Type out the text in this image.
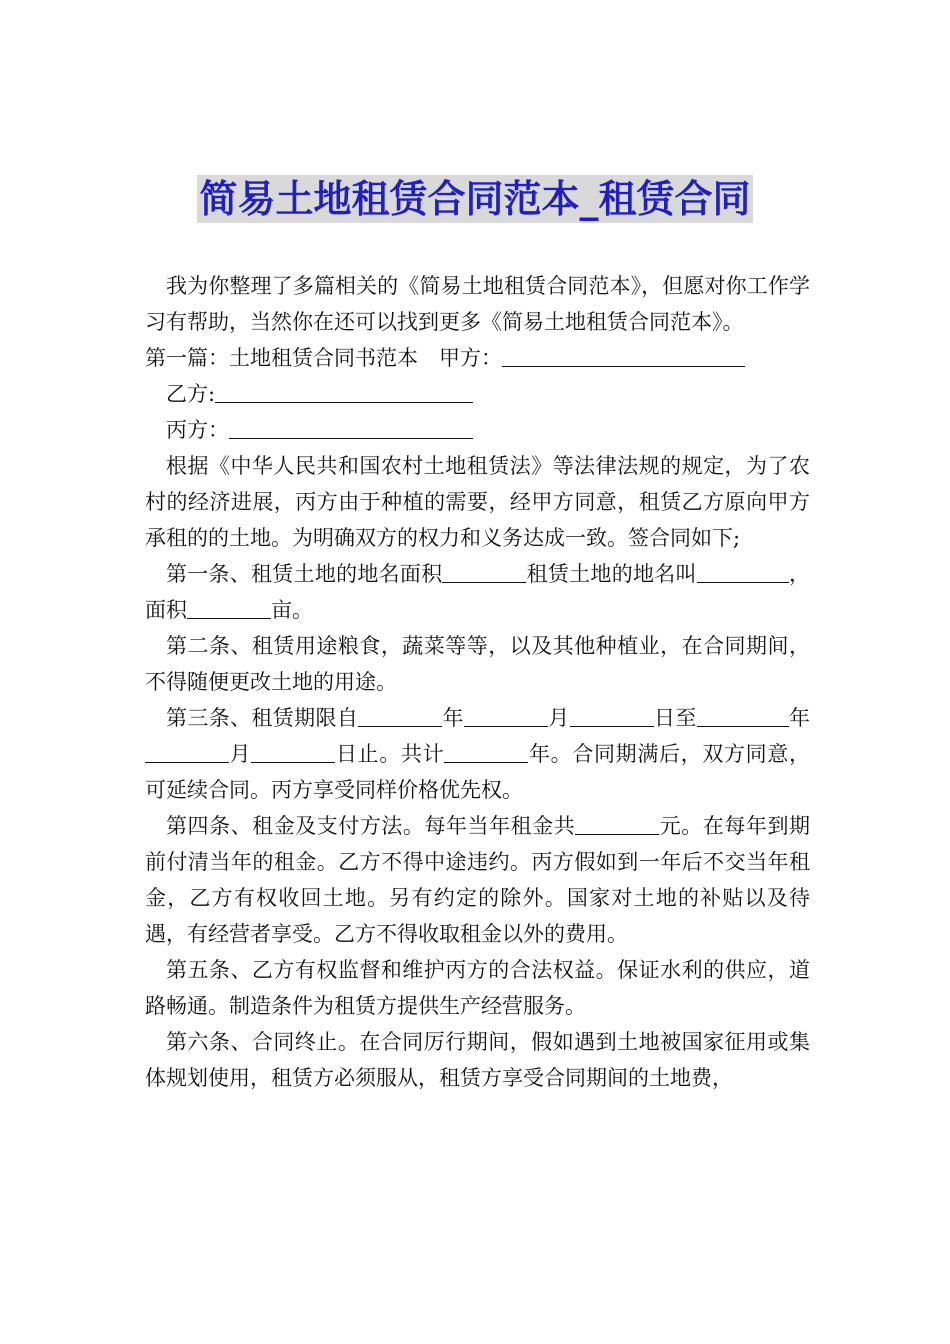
简易土地租赁合同范本_租赁合同

我为你整理了多篇相关的《简易土地租赁合同范本》，但愿对你工作学习有帮助，当然你在还可以找到更多《简易土地租赁合同范本》。

第一篇：土地租赁合同书范本　 甲方：

乙方:

丙方：

根据《中华人民共和国农村土地租赁法》等法律法规的规定，为了农村的经济进展，丙方由于种植的需要，经甲方同意，租赁乙方原向甲方承租的的土地。为明确双方的权力和义务达成一致。签合同如下;

第一条、租赁土地的地名面积	租赁土地的地名叫	，面积	亩。

第二条、租赁用途粮食，蔬菜等等，以及其他种植业，在合同期间，不得随便更改土地的用途。

第三条、租赁期限自	年	月	日至	年月	日止。共计	年。合同期满后，双方同意，可延续合同。丙方享受同样价格优先权。

第四条、租金及支付方法。每年当年租金共	元。在每年到期前付清当年的租金。乙方不得中途违约。丙方假如到一年后不交当年租金，乙方有权收回土地。另有约定的除外。国家对土地的补贴以及待遇，有经营者享受。乙方不得收取租金以外的费用。

第五条、乙方有权监督和维护丙方的合法权益。保证水利的供应，道路畅通。制造条件为租赁方提供生产经营服务。

第六条、合同终止。在合同厉行期间，假如遇到土地被国家征用或集体规划使用，租赁方必须服从，租赁方享受合同期间的土地费，
